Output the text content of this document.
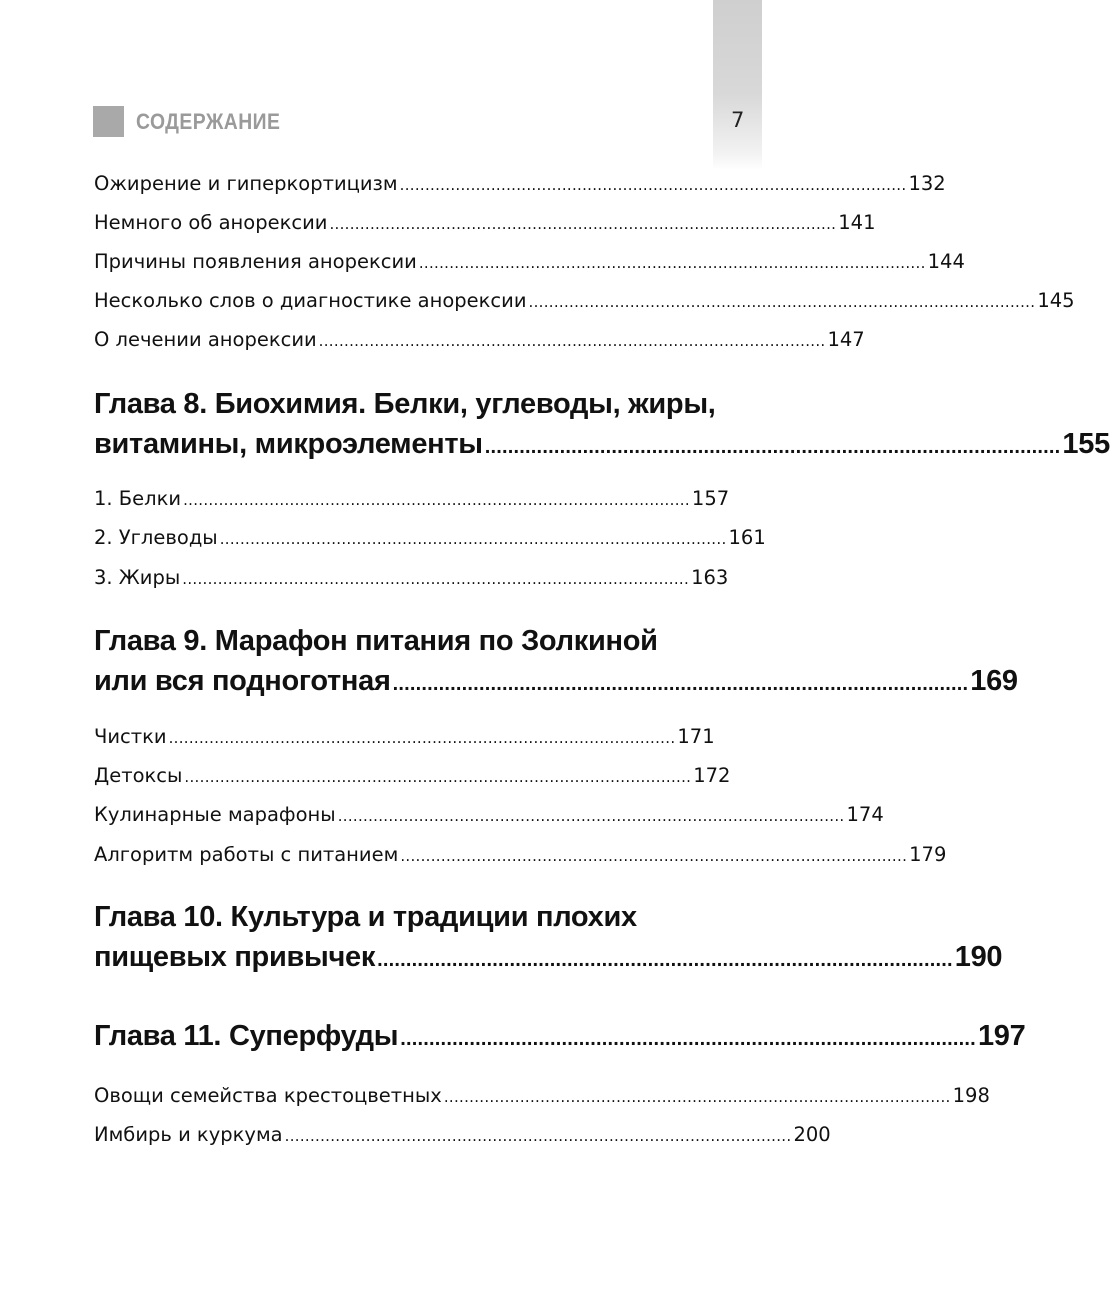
7
СОДЕРЖАНИЕ
Ожирение и гиперкортицизм .................................................................................................... 132
Немного об анорексии .................................................................................................... 141
Причины появления анорексии .................................................................................................... 144
Несколько слов о диагностике анорексии .................................................................................................... 145
О лечении анорексии .................................................................................................... 147
Глава 8. Биохимия. Белки, углеводы, жиры,
витамины, микроэлементы .................................................................................................... 155
1. Белки .................................................................................................... 157
2. Углеводы .................................................................................................... 161
3. Жиры .................................................................................................... 163
Глава 9. Марафон питания по Золкиной
или вся подноготная .................................................................................................... 169
Чистки .................................................................................................... 171
Детоксы .................................................................................................... 172
Кулинарные марафоны .................................................................................................... 174
Алгоритм работы с питанием .................................................................................................... 179
Глава 10. Культура и традиции плохих
пищевых привычек .................................................................................................... 190
Глава 11. Суперфуды .................................................................................................... 197
Овощи семейства крестоцветных .................................................................................................... 198
Имбирь и куркума .................................................................................................... 200
